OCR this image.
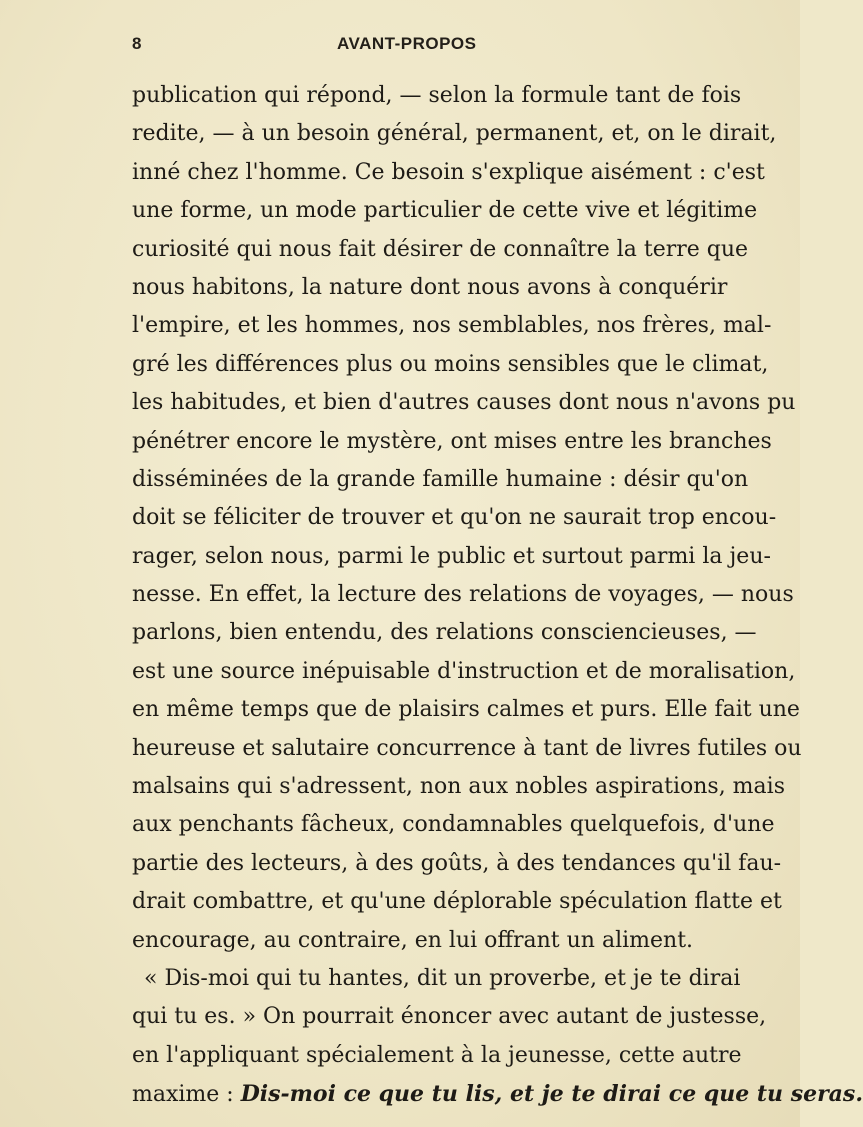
8	AVANT-PROPOS
publication qui répond, — selon la formule tant de fois
redite, — à un besoin général, permanent, et, on le dirait,
inné chez l'homme. Ce besoin s'explique aisément : c'est
une forme, un mode particulier de cette vive et légitime
curiosité qui nous fait désirer de connaître la terre que
nous habitons, la nature dont nous avons à conquérir
l'empire, et les hommes, nos semblables, nos frères, mal-
gré les différences plus ou moins sensibles que le climat,
les habitudes, et bien d'autres causes dont nous n'avons pu
pénétrer encore le mystère, ont mises entre les branches
disséminées de la grande famille humaine : désir qu'on
doit se féliciter de trouver et qu'on ne saurait trop encou-
rager, selon nous, parmi le public et surtout parmi la jeu-
nesse. En effet, la lecture des relations de voyages, — nous
parlons, bien entendu, des relations consciencieuses, —
est une source inépuisable d'instruction et de moralisation,
en même temps que de plaisirs calmes et purs. Elle fait une
heureuse et salutaire concurrence à tant de livres futiles ou
malsains qui s'adressent, non aux nobles aspirations, mais
aux penchants fâcheux, condamnables quelquefois, d'une
partie des lecteurs, à des goûts, à des tendances qu'il fau-
drait combattre, et qu'une déplorable spéculation flatte et
encourage, au contraire, en lui offrant un aliment.
« Dis-moi qui tu hantes, dit un proverbe, et je te dirai
qui tu es. » On pourrait énoncer avec autant de justesse,
en l'appliquant spécialement à la jeunesse, cette autre
maxime : Dis-moi ce que tu lis, et je te dirai ce que tu seras.
